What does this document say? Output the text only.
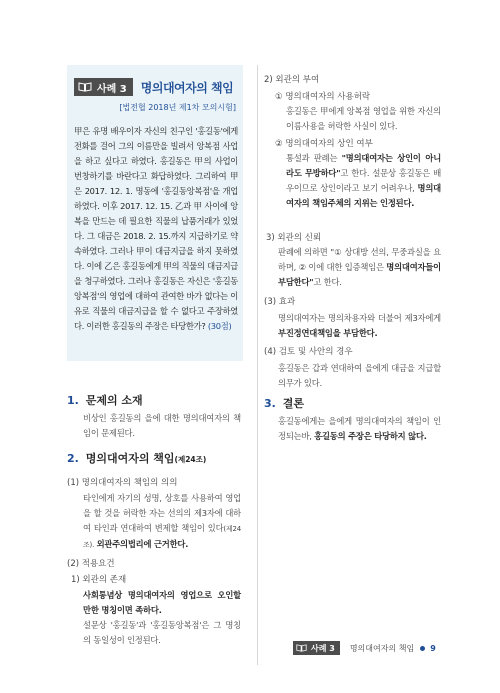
사례 3 명의대여자의 책임
[법전협 2018년 제1차 모의시험]
甲은 유명 배우이자 자신의 친구인 '홍길동'에게 전화를 걸어 그의 이름만을 빌려서 앙복점 사업을 하고 싶다고 하였다. 홍길동은 甲의 사업이 번창하기를 바란다고 화답하였다. 그리하여 甲은 2017. 12. 1. 명동에 '홍길동앙복점'을 개업하였다. 이후 2017. 12. 15. 乙과 甲 사이에 앙복을 만드는 데 필요한 직물의 납품거래가 있었다. 그 대금은 2018. 2. 15.까지 지급하기로 약속하였다. 그러나 甲이 대금지급을 하지 못하였다. 이에 乙은 홍길동에게 甲의 직물의 대금지급을 청구하였다. 그러나 홍길동은 자신은 '홍길동앙복점'의 영업에 대하여 관여한 바가 없다는 이유로 직물의 대금지급을 할 수 없다고 주장하였다. 이러한 홍길동의 주장은 타당한가? (30점)
1. 문제의 소재
비상인 홍길동의 을에 대한 명의대여자의 책임이 문제된다.
2. 명의대여자의 책임(제24조)
(1) 명의대여자의 책임의 의의
타인에게 자기의 성명, 상호를 사용하여 영업을 할 것을 허락한 자는 선의의 제3자에 대하여 타인과 연대하여 변제할 책임이 있다(제24조). 외관주의법리에 근거한다.
(2) 적용요건
1) 외관의 존재
사회통념상 명의대여자의 영업으로 오인할 만한 명칭이면 족하다.
설문상 '홍길동'과 '홍길동앙복점'은 그 명칭의 동일성이 인정된다.
2) 외관의 부여
① 명의대여자의 사용허락
홍길동은 甲에게 앙복점 영업을 위한 자신의 이름사용을 허락한 사실이 있다.
② 명의대여자의 상인 여부
통설과 판례는 "명의대여자는 상인이 아니라도 무방하다"고 한다. 설문상 홍길동은 배우이므로 상인이라고 보기 어려우나, 명의대여자의 책임주체의 지위는 인정된다.
3) 외관의 신뢰
판례에 의하면 "① 상대방 선의, 무중과실을 요하며, ② 이에 대한 입증책임은 명의대여자들이 부담한다"고 한다.
(3) 효과
명의대여자는 명의차용자와 더불어 제3자에게 부진정연대책임을 부담한다.
(4) 검토 및 사안의 경우
홍길동은 갑과 연대하여 을에게 대금을 지급할 의무가 있다.
3. 결론
홍길동에게는 을에게 명의대여자의 책임이 인정되는바, 홍길동의 주장은 타당하지 않다.
사례 3 명의대여자의 책임 9
